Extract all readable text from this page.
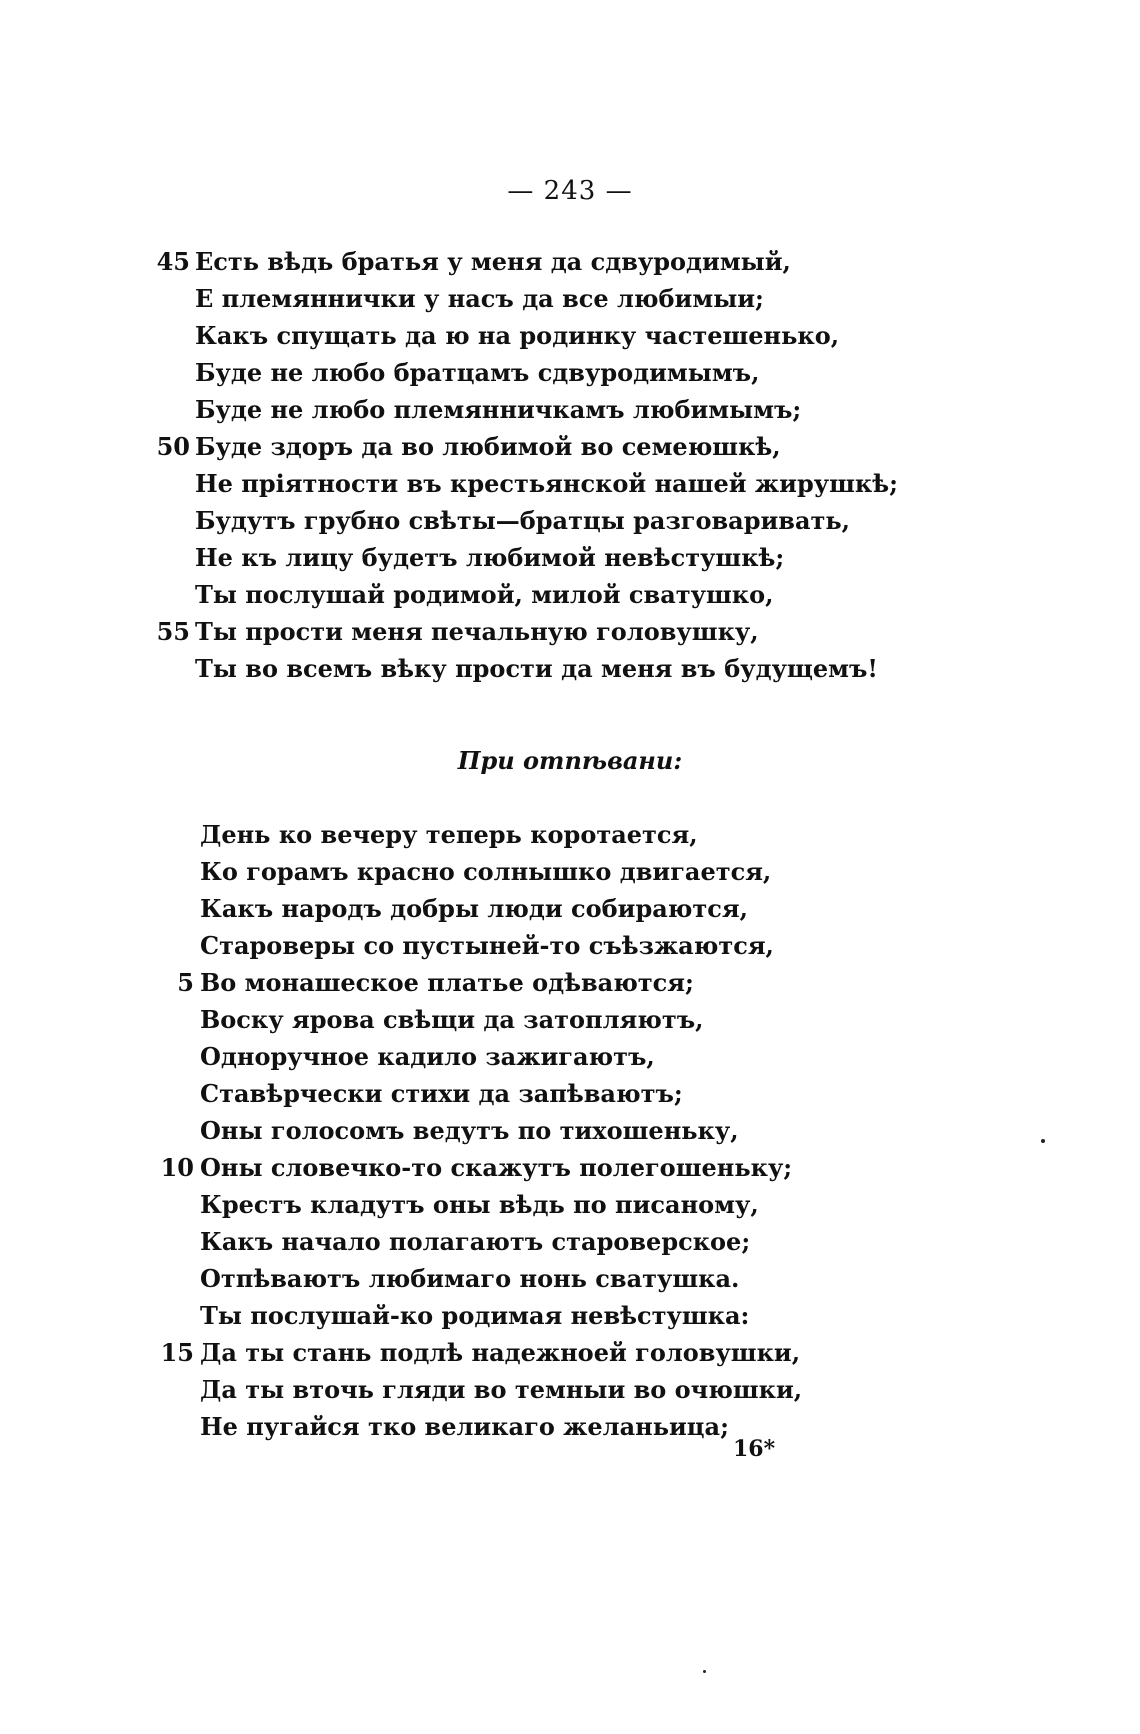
— 243 —
45 Есть вѣдь братья у меня да сдвуродимый,
Е племяннички у насъ да все любимыи;
Какъ спущать да ю на родинку частешенько,
Буде не любо братцамъ сдвуродимымъ,
Буде не любо племянничкамъ любимымъ;
50 Буде здоръ да во любимой во семеюшкѣ,
Не пріятности въ крестьянской нашей жирушкѣ;
Будутъ грубно свѣты—братцы разговаривать,
Не къ лицу будетъ любимой невѣстушкѣ;
Ты послушай родимой, милой сватушко,
55 Ты прости меня печальную головушку,
Ты во всемъ вѣку прости да меня въ будущемъ!
При отпѣвани:
День ко вечеру теперь коротается,
Ко горамъ красно солнышко двигается,
Какъ народъ добры люди собираются,
Староверы со пустыней-то съѣзжаются,
5 Во монашеское платье одѣваются;
Воску ярова свѣщи да затопляютъ,
Одноручное кадило зажигаютъ,
Ставѣрчески стихи да запѣваютъ;
Оны голосомъ ведутъ по тихошеньку,
10 Оны словечко-то скажутъ полегошеньку;
Крестъ кладутъ оны вѣдь по писаному,
Какъ начало полагаютъ староверское;
Отпѣваютъ любимаго нонь сватушка.
Ты послушай-ко родимая невѣстушка:
15 Да ты стань подлѣ надежноей головушки,
Да ты вточь гляди во темныи во очюшки,
Не пугайся тко великаго желаньица;
16*
